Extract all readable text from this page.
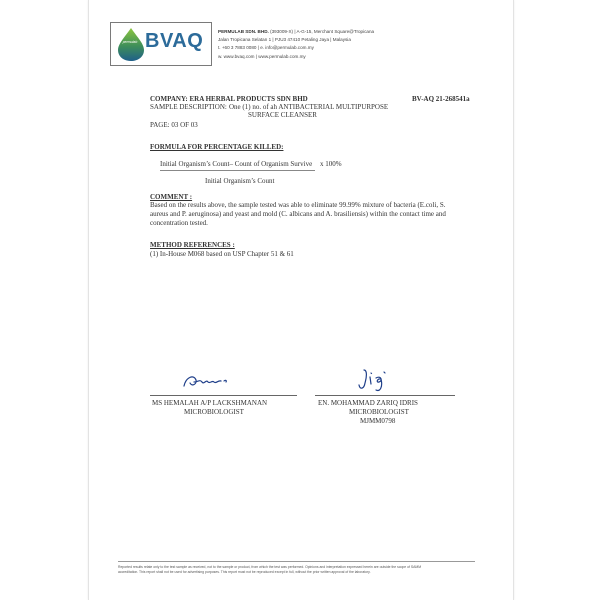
permulab BVAQ	PERMULAB SDN. BHD. (393009-X) | A-G-15, Merchant Square@Tropicana
Jalan Tropicana Selatan 1 | PJU3 47410 Petaling Jaya | Malaysia
t. +60 3 7883 0080 | e. info@permulab.com.my
w. www.bvaq.com | www.permulab.com.my
COMPANY: ERA HERBAL PRODUCTS SDN BHD	BV-AQ 21-268541a
SAMPLE DESCRIPTION: One (1) no. of ah ANTIBACTERIAL MULTIPURPOSE
SURFACE CLEANSER
PAGE: 03 OF 03
FORMULA FOR PERCENTAGE KILLED:
Initial Organism’s Count– Count of Organism Survive x 100%
Initial Organism’s Count
COMMENT :
Based on the results above, the sample tested was able to eliminate 99.99% mixture of bacteria (E.coli, S.
aureus and P. aeruginosa) and yeast and mold (C. albicans and A. brasiliensis) within the contact time and
concentration tested.
METHOD REFERENCES :
(1) In-House M068 based on USP Chapter 51 & 61
MS HEMALAH A/P LACKSHMANAN
MICROBIOLOGIST
EN. MOHAMMAD ZARIQ IDRIS
MICROBIOLOGIST
MJMM0798
Reported results relate only to the test sample as received, not to the sample or product, from which the test was performed. Opinions and interpretation expressed herein are outside the scope of SAMM
accreditation. This report shall not be used for advertising purposes. This report must not be reproduced except in full, without the prior written approval of the laboratory.
